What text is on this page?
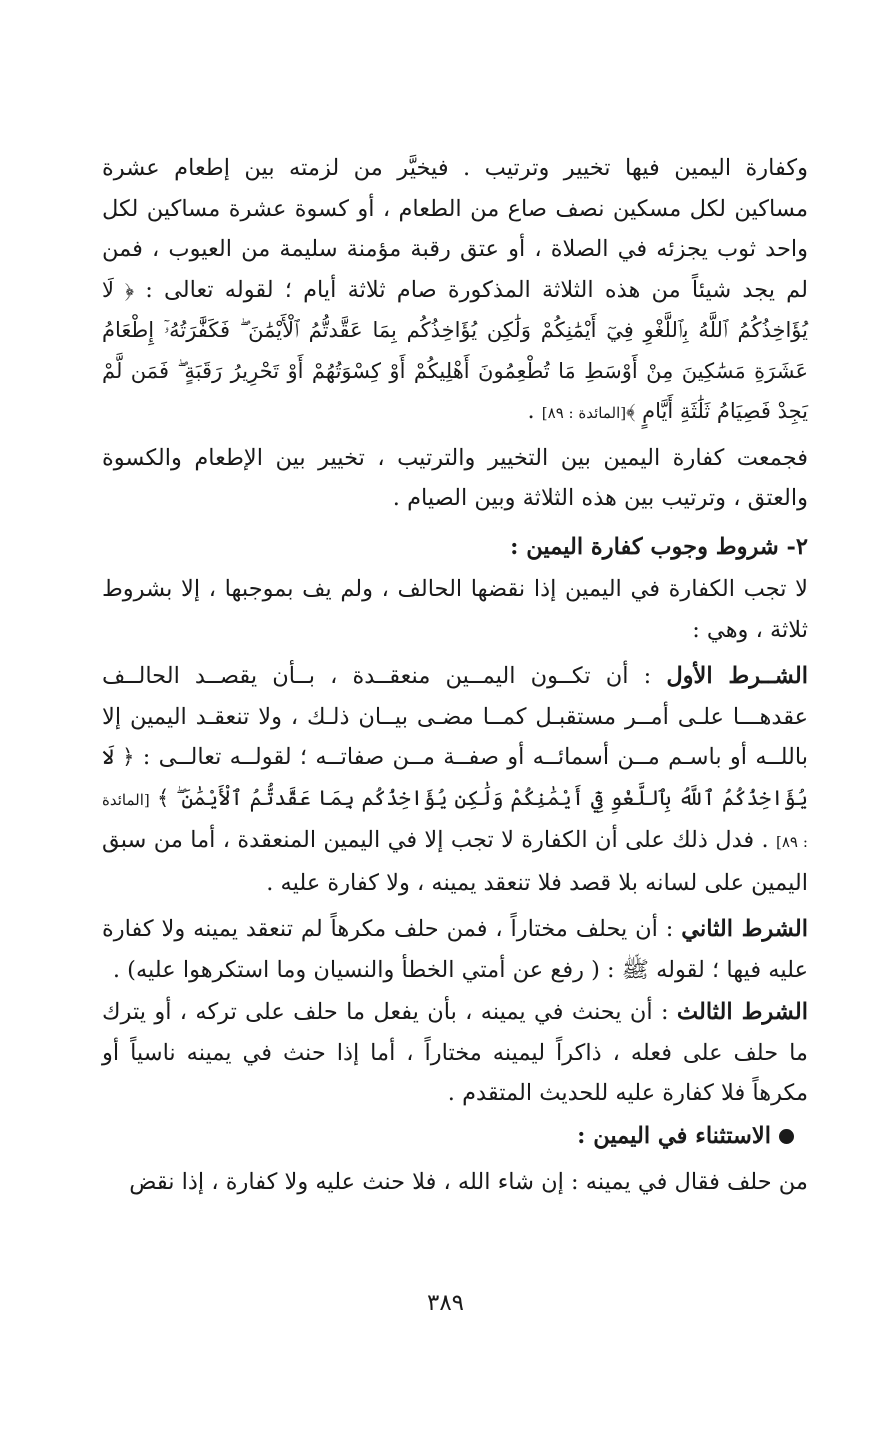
وكفارة اليمين فيها تخيير وترتيب . فيخيَّر من لزمته بين إطعام عشرة مساكين لكل مسكين نصف صاع من الطعام ، أو كسوة عشرة مساكين لكل واحد ثوب يجزئه في الصلاة ، أو عتق رقبة مؤمنة سليمة من العيوب ، فمن لم يجد شيئاً من هذه الثلاثة المذكورة صام ثلاثة أيام ؛ لقوله تعالى : ﴿ لَا يُؤَاخِذُكُمُ ٱللَّهُ بِٱللَّغْوِ فِيٓ أَيْمَٰنِكُمْ وَلَٰكِن يُؤَاخِذُكُم بِمَا عَقَّدتُّمُ ٱلْأَيْمَٰنَ ۖ فَكَفَّٰرَتُهُۥٓ إِطْعَامُ عَشَرَةِ مَسَٰكِينَ مِنْ أَوْسَطِ مَا تُطْعِمُونَ أَهْلِيكُمْ أَوْ كِسْوَتُهُمْ أَوْ تَحْرِيرُ رَقَبَةٍ ۖ فَمَن لَّمْ يَجِدْ فَصِيَامُ ثَلَٰثَةِ أَيَّامٍ ﴾[المائدة : ٨٩] .

فجمعت كفارة اليمين بين التخيير والترتيب ، تخيير بين الإطعام والكسوة والعتق ، وترتيب بين هذه الثلاثة وبين الصيام .

٢- شروط وجوب كفارة اليمين :

لا تجب الكفارة في اليمين إذا نقضها الحالف ، ولم يف بموجبها ، إلا بشروط ثلاثة ، وهي :

الشــرط الأول : أن تكــون اليمــين منعقــدة ، بــأن يقصــد الحالــف عقدهـــا علـى أمــر مستقبـل كمــا مضـى بيــان ذلـك ، ولا تنعقـد اليمين إلا باللــه أو باسـم مــن أسمائــه أو صفــة مــن صفاتــه ؛ لقولــه تعالــى : ﴿ لَا يُؤَاخِذُكُمُ ٱللَّهُ بِٱللَّغْوِ فِيٓ أَيْمَٰنِكُمْ وَلَٰكِن يُؤَاخِذُكُم بِمَا عَقَّدتُّمُ ٱلْأَيْمَٰنَ ۖ ﴾ [المائدة : ٨٩] . فدل ذلك على أن الكفارة لا تجب إلا في اليمين المنعقدة ، أما من سبق اليمين على لسانه بلا قصد فلا تنعقد يمينه ، ولا كفارة عليه .

الشرط الثاني : أن يحلف مختاراً ، فمن حلف مكرهاً لم تنعقد يمينه ولا كفارة عليه فيها ؛ لقوله ﷺ : ( رفع عن أمتي الخطأ والنسيان وما استكرهوا عليه) .

الشرط الثالث : أن يحنث في يمينه ، بأن يفعل ما حلف على تركه ، أو يترك ما حلف على فعله ، ذاكراً ليمينه مختاراً ، أما إذا حنث في يمينه ناسياً أو مكرهاً فلا كفارة عليه للحديث المتقدم .

الاستثناء في اليمين :

من حلف فقال في يمينه : إن شاء الله ، فلا حنث عليه ولا كفارة ، إذا نقض

٣٨٩
